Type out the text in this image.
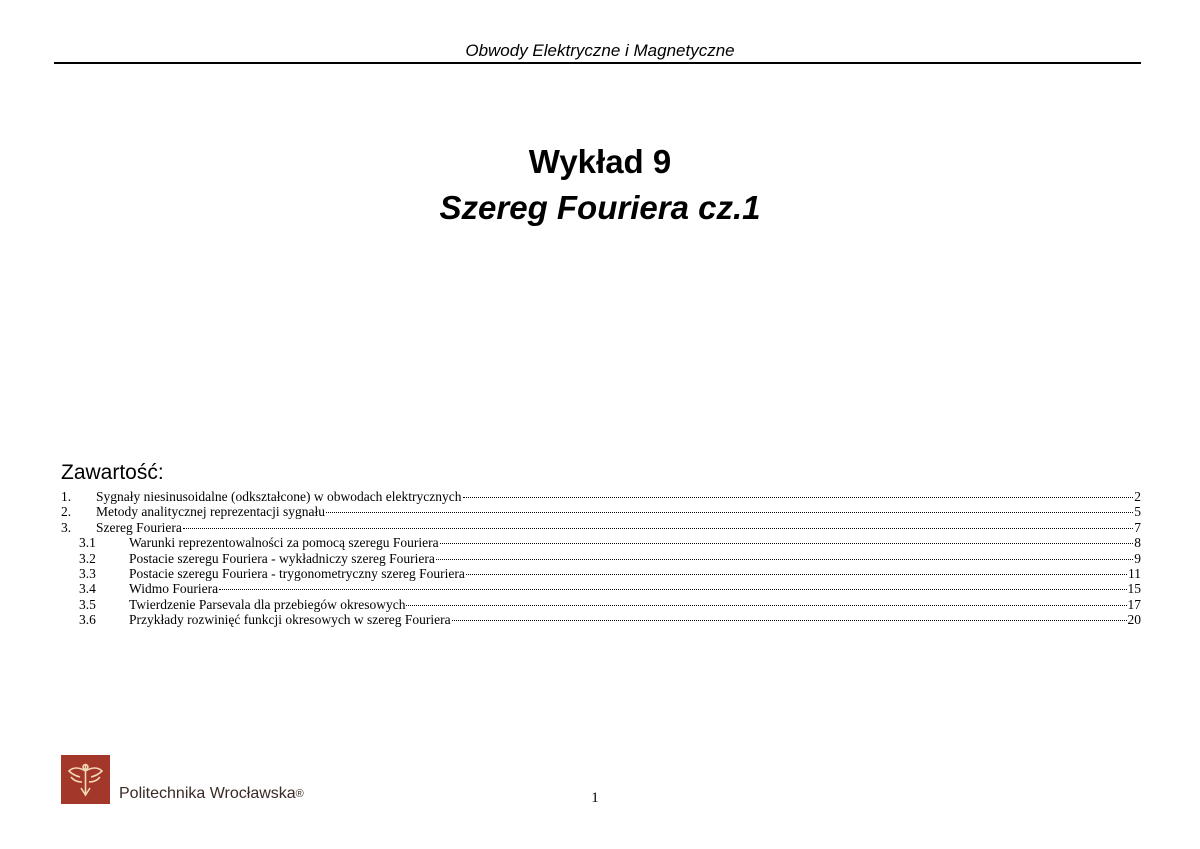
Obwody Elektryczne i Magnetyczne
Wykład 9
Szereg Fouriera cz.1
Zawartość:
1.	Sygnały niesinusoidalne (odkształcone) w obwodach elektrycznych	2
2.	Metody analitycznej reprezentacji sygnału	5
3.	Szereg Fouriera	7
3.1	Warunki reprezentowalności za pomocą szeregu Fouriera	8
3.2	Postacie szeregu Fouriera - wykładniczy szereg Fouriera	9
3.3	Postacie szeregu Fouriera - trygonometryczny szereg Fouriera	11
3.4	Widmo Fouriera	15
3.5	Twierdzenie Parsevala dla przebiegów okresowych	17
3.6	Przykłady rozwinięć funkcji okresowych w szereg Fouriera	20
Politechnika Wrocławska®	1
